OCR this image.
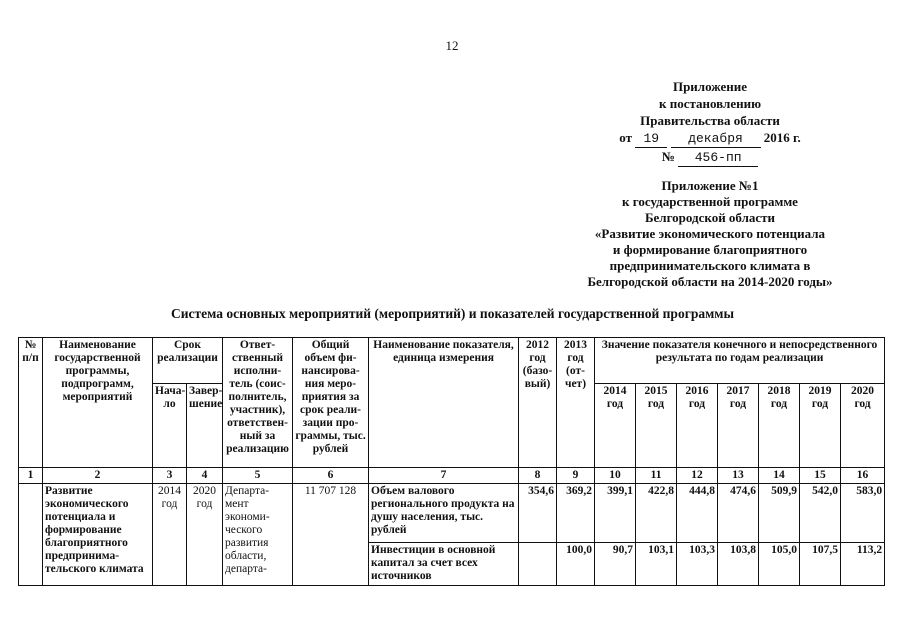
12
Приложение
к постановлению
Правительства области
от 19 декабря 2016 г.
№ 456-пп
Приложение №1
к государственной программе
Белгородской области
«Развитие экономического потенциала
и формирование благоприятного
предпринимательского климата в
Белгородской области на 2014-2020 годы»
Система основных мероприятий (мероприятий) и показателей государственной программы
№ п/п	Наименование государственной программы, подпрограмм, мероприятий	Срок реализации		Ответ-ственный исполни-тель (соис-полнитель, участник), ответствен-ный за реализацию	Общий объем фи-нансирова-ния меро-приятия за срок реали-зации про-граммы, тыс. рублей	Наименование показателя, единица измерения	2012 год (базо-вый)	2013 год (от-чет)	Значение показателя конечного и непосредственного результата по годам реализации						
		Нача-ло	Завер-шение						2014 год	2015 год	2016 год	2017 год	2018 год	2019 год	2020 год
1	2	3	4	5	6	7	8	9	10	11	12	13	14	15	16
	Развитие экономического потенциала и формирование благоприятного предпринима-тельского климата	2014 год	2020 год	Департа-мент экономи-ческого развития области, департа-	11 707 128	Объем валового регионального продукта на душу населения, тыс. рублей	354,6	369,2	399,1	422,8	444,8	474,6	509,9	542,0	583,0
						Инвестиции в основной капитал за счет всех источников		100,0	90,7	103,1	103,3	103,8	105,0	107,5	113,2
